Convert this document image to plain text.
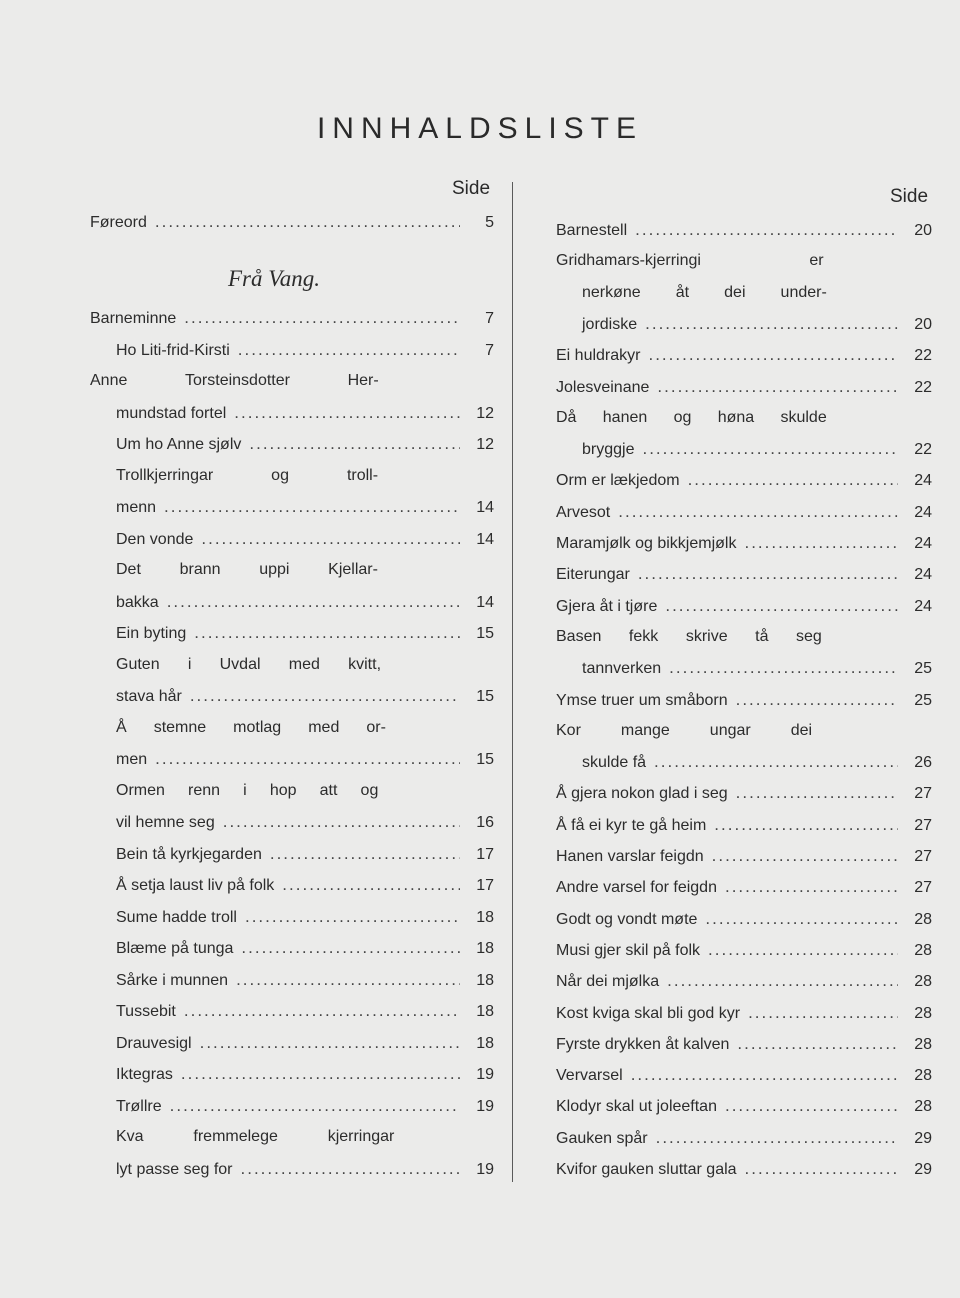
INNHALDSLISTE
Side	Side
Føreord .....	5
Frå Vang.
Barneminne .....	7
Ho Liti-frid-Kirsti .....	7
Anne	Torsteinsdotter	Her-
mundstad fortel .....	12
Um ho Anne sjølv .....	12
Trollkjerringar	og	troll-
menn .....	14
Den vonde .....	14
Det brann uppi Kjellar-
bakka .....	14
Ein byting .....	15
Guten i Uvdal med kvitt,
stava hår .....	15
Å stemne motlag med or-
men .....	15
Ormen renn i hop att og
vil hemne seg .....	16
Bein tå kyrkjegarden .....	17
Å setja laust liv på folk .....	17
Sume hadde troll .....	18
Blæme på tunga .....	18
Sårke i munnen .....	18
Tussebit .....	18
Drauvesigl .....	18
Iktegras .....	19
Trøllre .....	19
Kva	fremmelege	kjerringar
lyt passe seg for .....	19
Barnestell .....	20
Gridhamars-kjerringi	er
nerkøne åt dei under-
jordiske .....	20
Ei huldrakyr .....	22
Jolesveinane .....	22
Då hanen og høna skulde
bryggje .....	22
Orm er lækjedom .....	24
Arvesot .....	24
Maramjølk og bikkjemjølk .....	24
Eiterungar .....	24
Gjera åt i tjøre .....	24
Basen fekk skrive tå seg
tannverken .....	25
Ymse truer um småborn .....	25
Kor mange ungar dei
skulde få .....	26
Å gjera nokon glad i seg .....	27
Å få ei kyr te gå heim .....	27
Hanen varslar feigdn .....	27
Andre varsel for feigdn .....	27
Godt og vondt møte .....	28
Musi gjer skil på folk .....	28
Når dei mjølka .....	28
Kost kviga skal bli god kyr .....	28
Fyrste drykken åt kalven .....	28
Vervarsel .....	28
Klodyr skal ut joleeftan .....	28
Gauken spår .....	29
Kvifor gauken sluttar gala .....	29
